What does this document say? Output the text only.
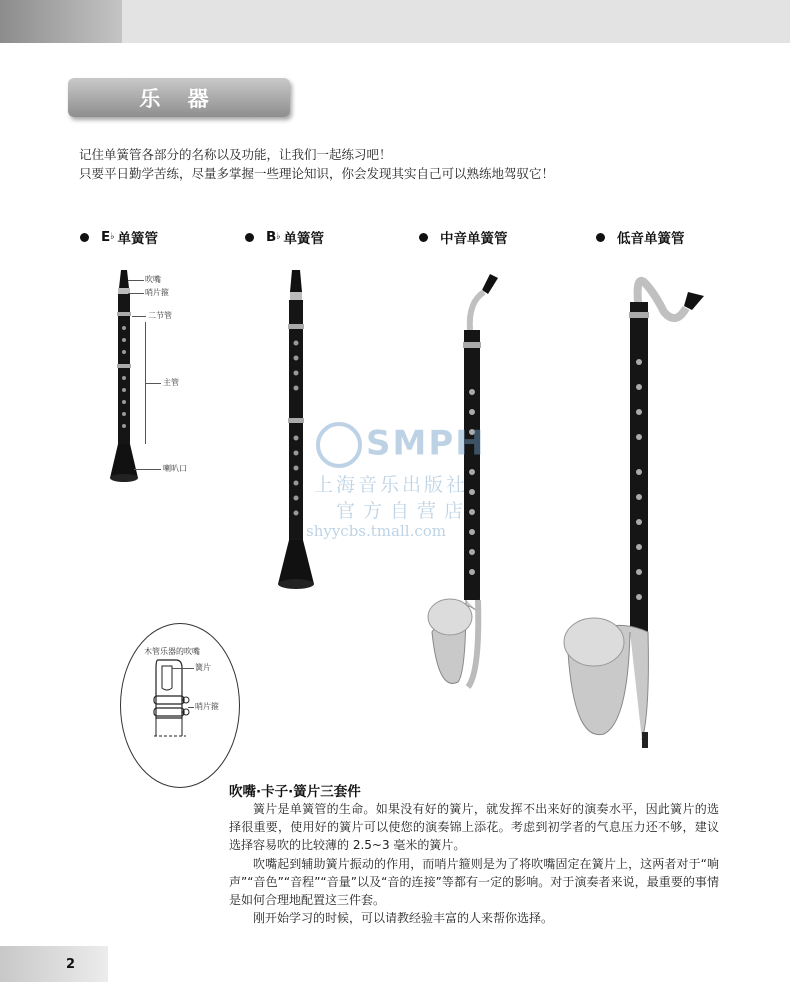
乐 器
记住单簧管各部分的名称以及功能，让我们一起练习吧！
只要平日勤学苦练，尽量多掌握一些理论知识，你会发现其实自己可以熟练地驾驭它！
E ♭ 单簧管	B ♭ 单簧管	中音单簧管	低音单簧管
吹嘴
哨片箍
二节管
主管
喇叭口
木管乐器的吹嘴
簧片
哨片箍
SMPH
上海音乐出版社
官方自营店
shyycbs.tmall.com
吹嘴·卡子·簧片三套件

簧片是单簧管的生命。如果没有好的簧片，就发挥不出来好的演奏水平，因此簧片的选择很重要，使用好的簧片可以使您的演奏锦上添花。考虑到初学者的气息压力还不够，建议选择容易吹的比较薄的 2.5~3 毫米的簧片。

吹嘴起到辅助簧片振动的作用，而哨片箍则是为了将吹嘴固定在簧片上，这两者对于“响声”“音色”“音程”“音量”以及“音的连接”等都有一定的影响。对于演奏者来说，最重要的事情是如何合理地配置这三件套。

刚开始学习的时候，可以请教经验丰富的人来帮你选择。

2
